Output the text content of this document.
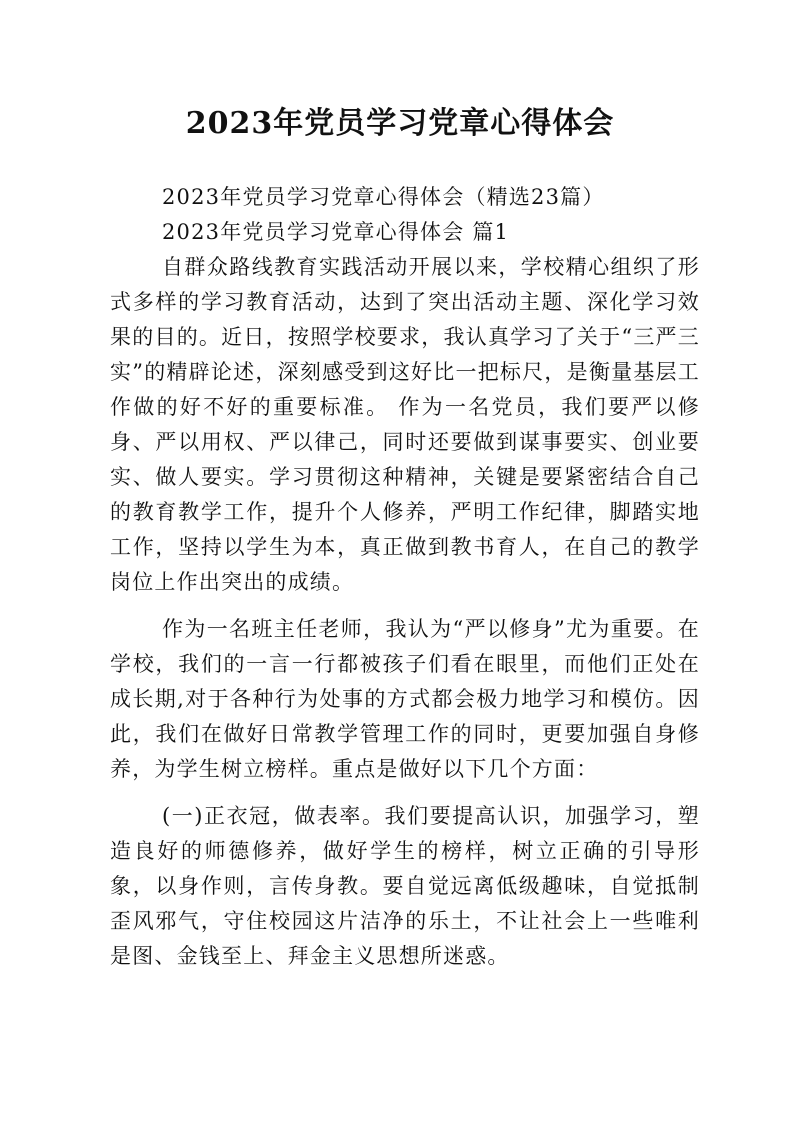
2023年党员学习党章心得体会

2023年党员学习党章心得体会（精选23篇）

2023年党员学习党章心得体会 篇1

自群众路线教育实践活动开展以来，学校精心组织了形式多样的学习教育活动，达到了突出活动主题、深化学习效果的目的。近日，按照学校要求，我认真学习了关于“三严三实”的精辟论述，深刻感受到这好比一把标尺，是衡量基层工作做的好不好的重要标准。 作为一名党员，我们要严以修身、严以用权、严以律己，同时还要做到谋事要实、创业要实、做人要实。学习贯彻这种精神，关键是要紧密结合自己的教育教学工作，提升个人修养，严明工作纪律，脚踏实地工作，坚持以学生为本，真正做到教书育人，在自己的教学岗位上作出突出的成绩。

作为一名班主任老师，我认为“严以修身”尤为重要。在学校，我们的一言一行都被孩子们看在眼里，而他们正处在成长期,对于各种行为处事的方式都会极力地学习和模仿。因此，我们在做好日常教学管理工作的同时，更要加强自身修养，为学生树立榜样。重点是做好以下几个方面：

(一)正衣冠，做表率。我们要提高认识，加强学习，塑造良好的师德修养，做好学生的榜样，树立正确的引导形象，以身作则，言传身教。要自觉远离低级趣味，自觉抵制歪风邪气，守住校园这片洁净的乐土，不让社会上一些唯利是图、金钱至上、拜金主义思想所迷惑。
